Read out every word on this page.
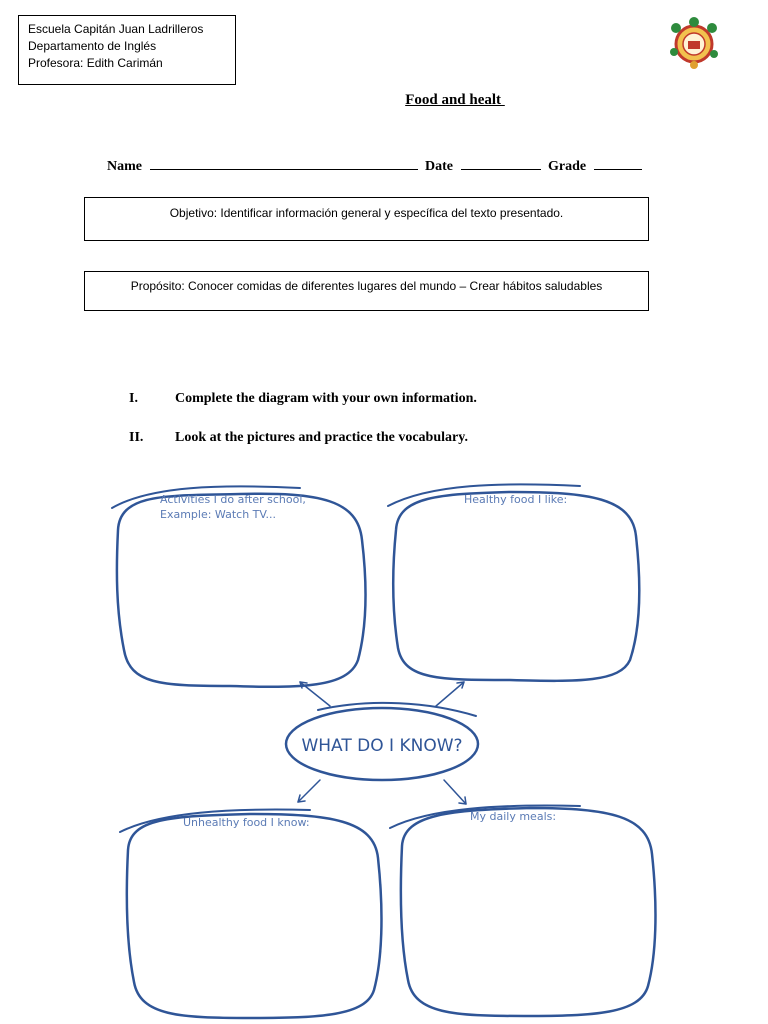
Escuela Capitán Juan Ladrilleros
Departamento de Inglés
Profesora: Edith Carimán
Food and healt
Name	Date	Grade
Objetivo: Identificar información general y específica del texto presentado.
Propósito: Conocer comidas de diferentes lugares del mundo – Crear hábitos saludables
I.	Complete the diagram with your own information.
II. Look at the pictures and practice the vocabulary.
Activities I do after school,
Example: Watch TV...
Healthy food I like:
WHAT DO I KNOW?
Unhealthy food I know:	My daily meals:
